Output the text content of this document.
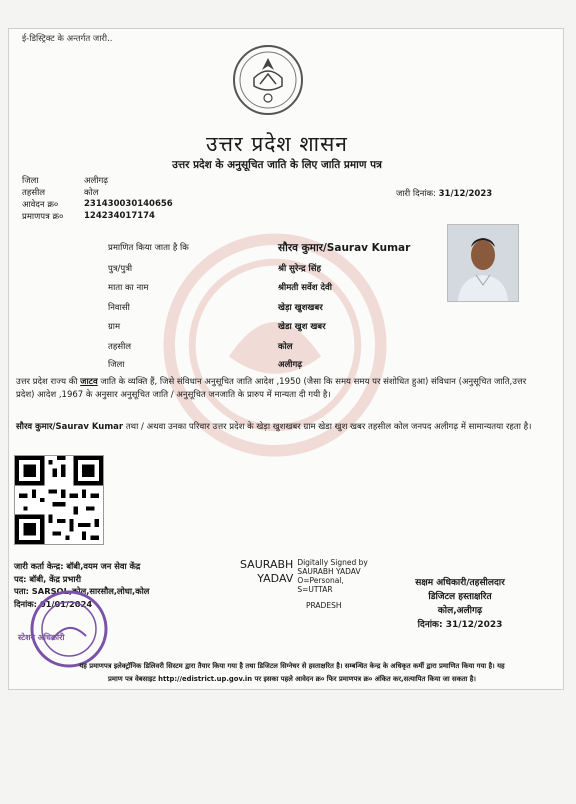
ई-डिस्ट्रिक्ट के अन्तर्गत जारी..
उत्तर प्रदेश शासन
उत्तर प्रदेश के अनुसूचित जाति के लिए जाति प्रमाण पत्र
जिला	अलीगढ़
तहसील	कोल
आवेदन क्र०	231430030140656
प्रमाणपत्र क्र० 124234017174
जारी दिनांक: 31/12/2023
प्रमाणित किया जाता है कि	सौरव कुमार/Saurav Kumar
पुत्र/पुत्री	श्री सुरेन्द्र सिंह
माता का नाम	श्रीमती सर्वेश देवी
निवासी	खेड़ा खुशखबर
ग्राम	खेडा खुश खबर
तहसील	कोल
जिला	अलीगढ़
उत्तर प्रदेश राज्य की जाटव जाति के व्यक्ति हैं, जिसे संविधान अनुसूचित जाति आदेश ,1950 (जैसा कि समय समय पर संशोधित हुआ) संविधान (अनुसूचित जाति,उत्तर प्रदेश) आदेश ,1967 के अनुसार अनुसूचित जाति / अनुसूचित जनजाति के प्रारुप में मान्यता दी गयी है।
सौरव कुमार/Saurav Kumar तथा / अथवा उनका परिवार उत्तर प्रदेश के खेड़ा खुशखबर ग्राम खेडा खुश खबर तहसील कोल जनपद अलीगढ़ में सामान्यतया रहता है।
जारी कर्ता केन्द्र: बॉबी,वयम जन सेवा केंद्र
पद: बॉबी, केंद्र प्रभारी
पता: SARSOL,कोल,सारसौल,लोधा,कोल
दिनांक: 01/01/2024
स्टेशन अधिकारी
SAURABH
YADAV
Digitally Signed by
SAURABH YADAV
O=Personal,
S=UTTAR
PRADESH
सक्षम अधिकारी/तहसीलदार
डिजिटल हस्ताक्षरित
कोल,अलीगढ़
दिनांक: 31/12/2023
यह प्रमाणपत्र इलेक्ट्रॉनिक डिलिवरी सिस्टम द्वारा तैयार किया गया है तथा डिजिटल सिग्नेचर से हस्ताक्षरित है। सम्बन्धित केन्द्र के अधिकृत कर्मी द्वारा प्रमाणित किया गया है। यह
प्रमाण पत्र वेबसाइट http://edistrict.up.gov.in पर इसका पहले आवेदन क्र० फिर प्रमाणपत्र क्र० अंकित कर,सत्यापित किया जा सकता है।
